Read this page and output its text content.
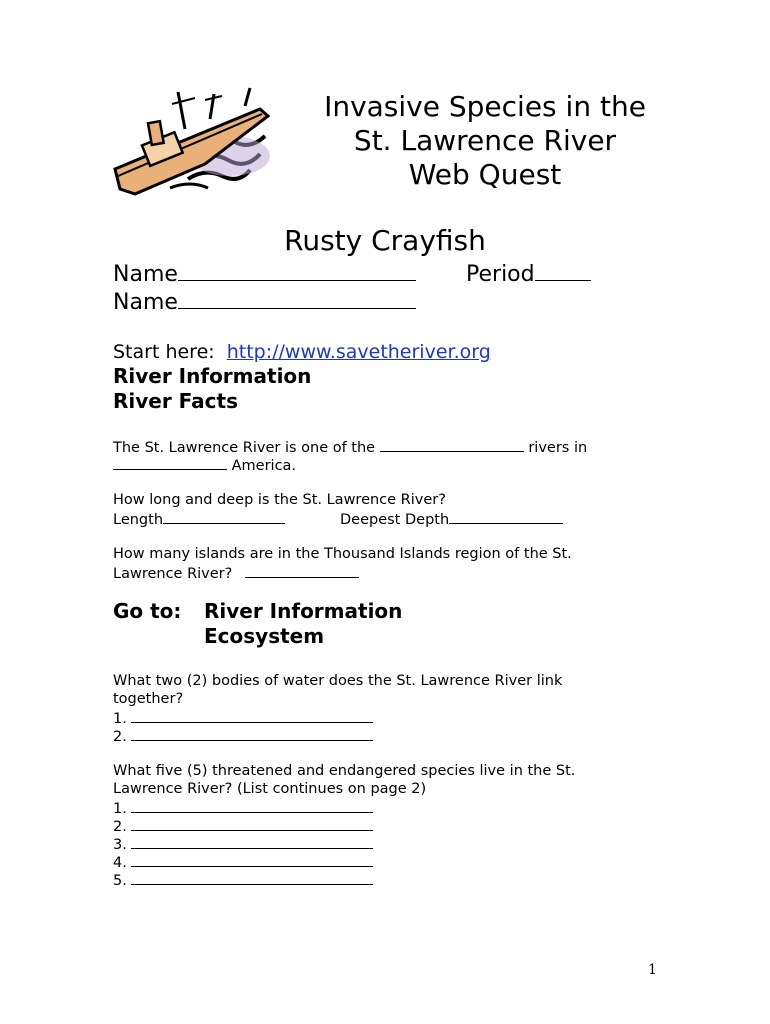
Invasive Species in the
St. Lawrence River
Web Quest
Rusty Crayfish
Name	Period
Name
Start here: http://www.savetheriver.org
River Information
River Facts
The St. Lawrence River is one of the	rivers in
America.
How long and deep is the St. Lawrence River?
Length	Deepest Depth
How many islands are in the Thousand Islands region of the St.
Lawrence River?
Go to: River Information
Ecosystem
What two (2) bodies of water does the St. Lawrence River link
together?
1.
2.
What five (5) threatened and endangered species live in the St.
Lawrence River? (List continues on page 2)
1.
2.
3.
4.
5.
1
